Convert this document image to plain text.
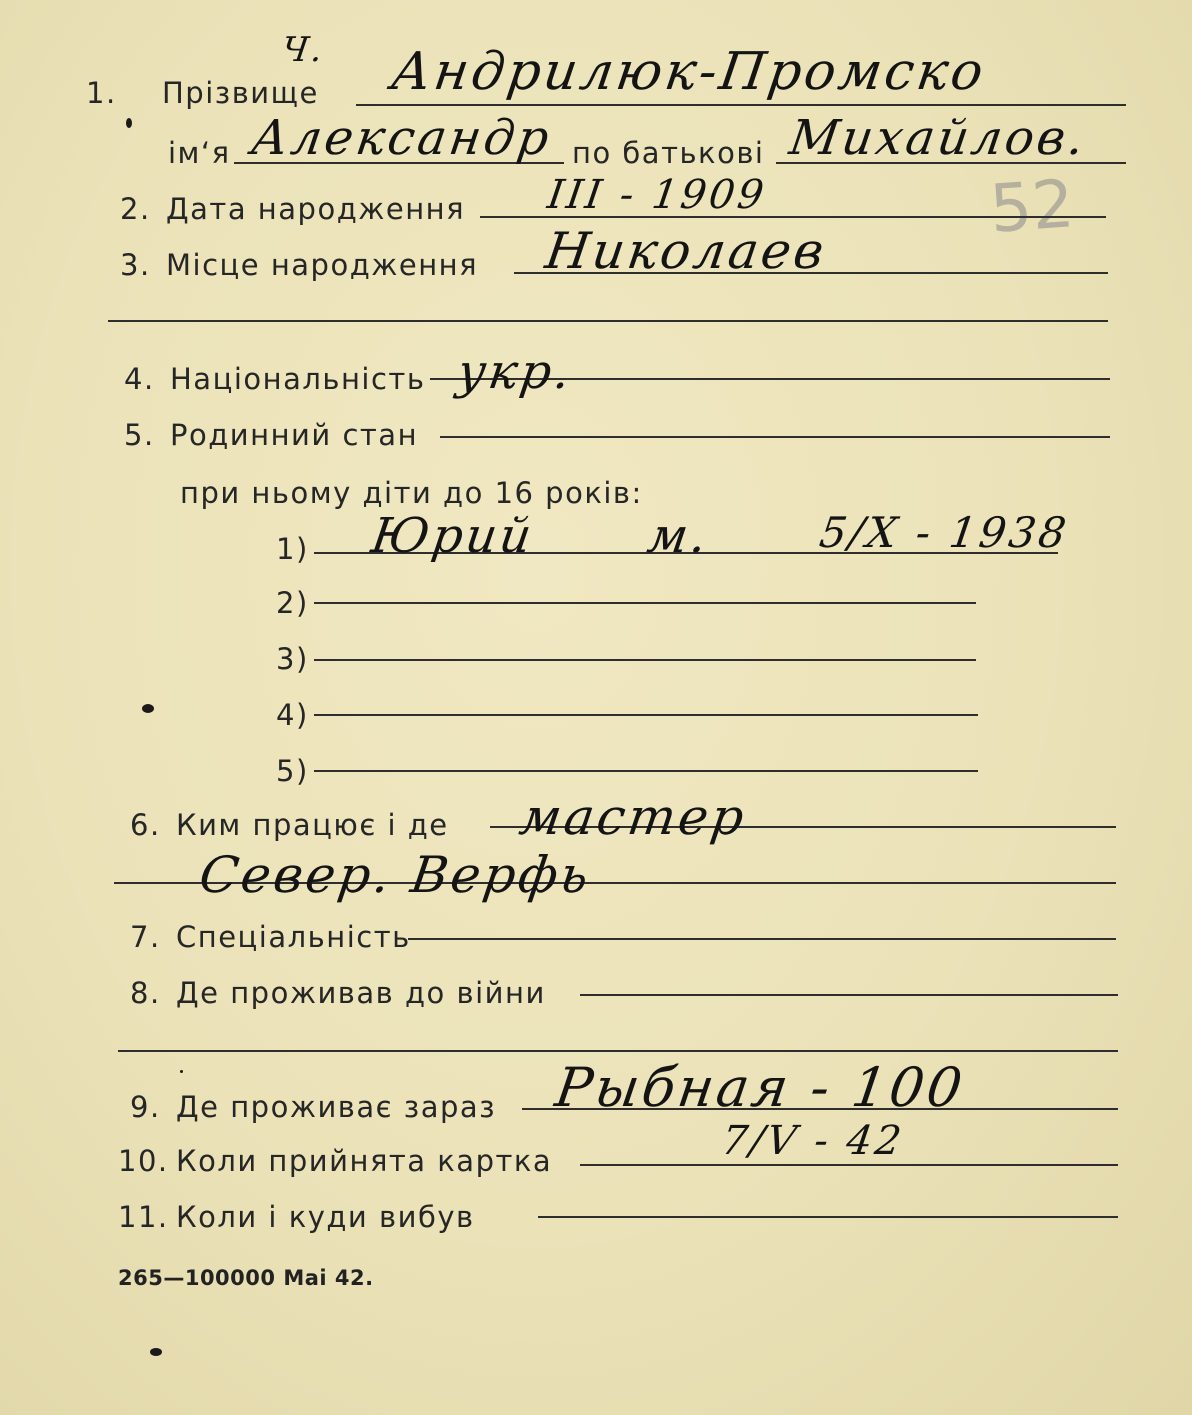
52
1. Прізвище
Ч. Андрилюк-Промско
ім‘я Александр по батькові Михайлов.
2. Дата народження III - 1909
3. Місце народження Николаев
4. Національність укр.
5. Родинний стан
при ньому діти до 16 років:
1) Юрий м. 5/X - 1938
2)
3)
4)
5)
6. Ким працює і де мастер
Север. Верфь
7. Спеціальність
8. Де проживав до війни
9. Де проживає зараз Рыбная - 100
10. Коли прийнята картка	7/V - 42
11. Коли і куди вибув
265—100000 Mai 42.
